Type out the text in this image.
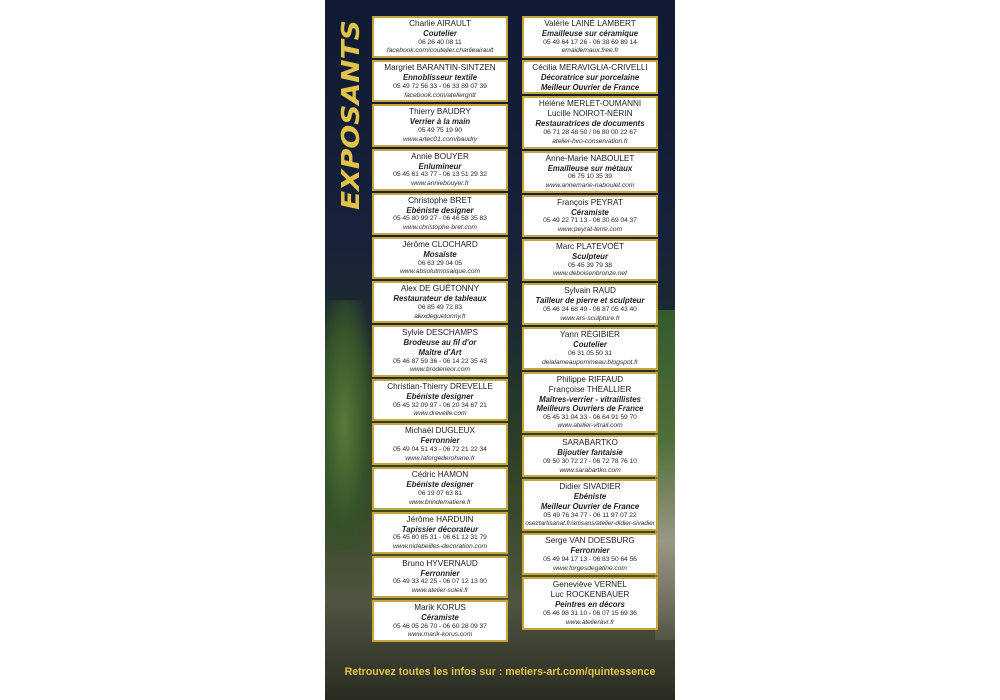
EXPOSANTS
Charlie AIRAULT
Coutelier
06 26 40 08 11
facebook.com/coutelier.charlieairault
Margriet BARANTIN-SINTZEN
Ennoblisseur textile
05 49 72 56 33 - 06 33 89 07 39
facebook.com/ateliergritt
Thierry BAUDRY
Verrier à la main
05 49 75 19 90
www.artec01.com/baudry
Annie BOUYER
Enlumineur
05 45 61 43 77 - 06 13 51 29 32
www.anniebouyer.fr
Christophe BRET
Ebéniste designer
05 45 80 99 27 - 06 46 58 35 83
www.christophe-bret.com
Jérôme CLOCHARD
Mosaïste
06 63 29 04 05
www.absolutmosaique.com
Alex DE GUÉTONNY
Restaurateur de tableaux
06 85 49 72 83
alexdeguetonny.fr
Sylvie DESCHAMPS
Brodeuse au fil d'or
Maître d'Art
05 46 87 59 36 - 06 14 22 35 43
www.broderieor.com
Christian-Thierry DREVELLE
Ebéniste designer
05 45 32 09 97 - 06 20 34 67 21
www.drevelle.com
Michaël DUGLEUX
Ferronnier
05 49 04 51 43 - 06 72 21 22 34
www.laforgederohane.fr
Cédric HAMON
Ebéniste designer
06 19 07 63 81
www.brindematiere.fr
Jérôme HARDUIN
Tapissier décorateur
05 45 80 85 31 - 06 61 12 31 79
www.nidabeilles-decoration.com
Bruno HYVERNAUD
Ferronnier
05 49 33 42 25 - 06 07 12 13 00
www.atelier-soleil.fr
Marik KORUS
Céramiste
05 46 05 26 70 - 06 60 28 09 37
www.marik-korus.com
Valérie LAINÉ LAMBERT
Emailleuse sur céramique
05 49 64 17 26 - 06 38 69 89 14
emaidemaux.free.fr
Cécilia MERAVIGLIA-CRIVELLI
Décoratrice sur porcelaine
Meilleur Ouvrier de France
Hélène MERLET-OUMANNI
Lucille NOIROT-NÉRIN
Restauratrices de documents
06 71 28 48 50 / 06 80 00 22 67
atelier-hvo-conservation.fr
Anne-Marie NABOULET
Emailleuse sur métaux
06 75 10 35 39
www.annemarie-naboulet.com
François PEYRAT
Céramiste
05 49 22 71 13 - 06 30 69 04 37
www.peyrat-terre.com
Marc PLATEVOËT
Sculpteur
05 45 39 79 38
www.deboisenbronze.net
Sylvain RAUD
Tailleur de pierre et sculpteur
05 46 24 68 49 - 06 87 05 43 40
www.ars-sculpture.fr
Yann RÉGIBIER
Coutelier
06 31 05 50 31
delalameaupommeau.blogspot.fr
Philippe RIFFAUD
Françoise THEALLIER
Maîtres-verrier - vitraillistes
Meilleurs Ouvriers de France
05 45 31 04 33 - 06 64 91 59 70
www.atelier-vitrail.com
SARABARTKO
Bijoutier fantaisie
09 50 30 72 27 - 06 72 78 76 10
www.sarabartko.com
Didier SIVADIER
Ebéniste
Meilleur Ouvrier de France
05 49 76 34 77 - 06 11 97 07 22
oseztartisanat.fr/artisans/atelier-didier-sivadier
Serge VAN DOESBURG
Ferronnier
05 49 94 17 13 - 06 83 50 64 56
www.forgesdegatine.com
Geneviève VERNEL
Luc ROCKENBAUER
Peintres en décors
05 46 98 31 10 - 06 07 15 69 36
www.atelieravr.fr
Retrouvez toutes les infos sur : metiers-art.com/quintessence
